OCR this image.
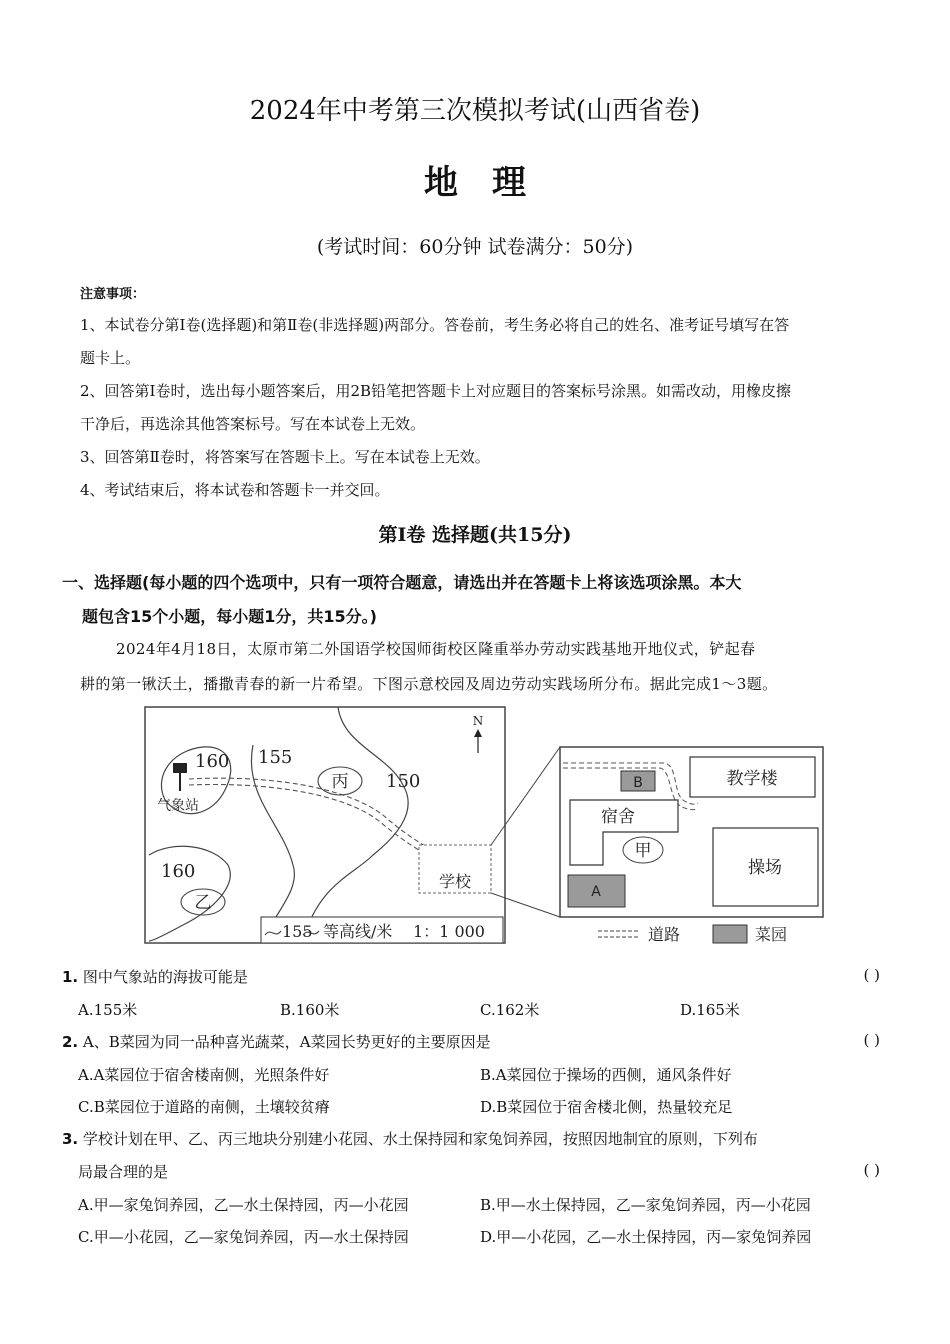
2024年中考第三次模拟考试(山西省卷)
地理
(考试时间：60分钟 试卷满分：50分)
注意事项：

1、本试卷分第Ⅰ卷(选择题)和第Ⅱ卷(非选择题)两部分。答卷前，考生务必将自己的姓名、准考证号填写在答

题卡上。

2、回答第Ⅰ卷时，选出每小题答案后，用2B铅笔把答题卡上对应题目的答案标号涂黑。如需改动，用橡皮擦

干净后，再选涂其他答案标号。写在本试卷上无效。

3、回答第Ⅱ卷时，将答案写在答题卡上。写在本试卷上无效。

4、考试结束后，将本试卷和答题卡一并交回。

第Ⅰ卷 选择题(共15分)
一、选择题(每小题的四个选项中，只有一项符合题意，请选出并在答题卡上将该选项涂黑。本大
题包含15个小题，每小题1分，共15分。)
2024年4月18日，太原市第二外国语学校国师街校区隆重举办劳动实践基地开地仪式，铲起春
耕的第一锹沃土，播撒青春的新一片希望。下图示意校园及周边劳动实践场所分布。据此完成1～3题。
N
160 155
150
160
气象站
丙
乙
学校
155 等高线/米 1：1 000
B	教学楼
宿舍
甲
操场
A
道路	菜园
1. 图中气象站的海拔可能是	( )
A.155米	B.160米	C.162米	D.165米
2. A、B菜园为同一品种喜光蔬菜，A菜园长势更好的主要原因是	( )
A.A菜园位于宿舍楼南侧，光照条件好	B.A菜园位于操场的西侧，通风条件好
C.B菜园位于道路的南侧，土壤较贫瘠	D.B菜园位于宿舍楼北侧，热量较充足
3. 学校计划在甲、乙、丙三地块分别建小花园、水土保持园和家兔饲养园，按照因地制宜的原则，下列布
局最合理的是	( )
A.甲—家兔饲养园，乙—水土保持园，丙—小花园	B.甲—水土保持园，乙—家兔饲养园，丙—小花园
C.甲—小花园，乙—家兔饲养园，丙—水土保持园	D.甲—小花园，乙—水土保持园，丙—家兔饲养园
